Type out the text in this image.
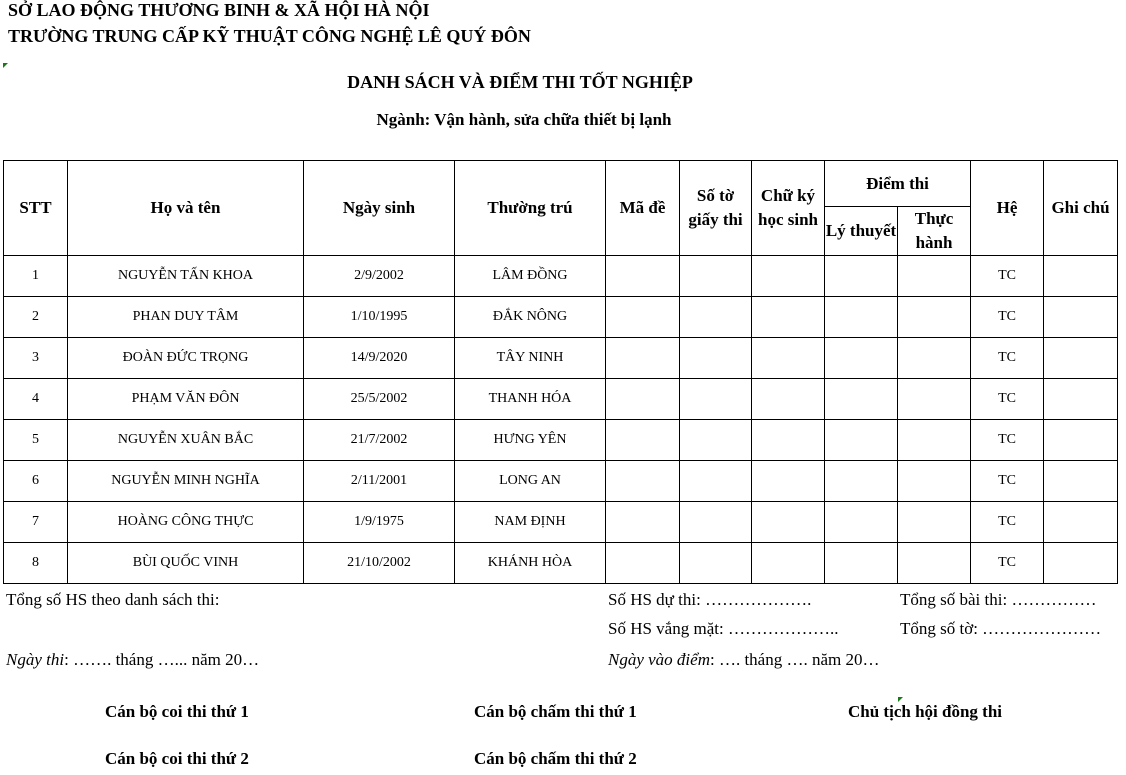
SỞ LAO ĐỘNG THƯƠNG BINH & XÃ HỘI HÀ NỘI
TRƯỜNG TRUNG CẤP KỸ THUẬT CÔNG NGHỆ LÊ QUÝ ĐÔN
DANH SÁCH VÀ ĐIỂM THI TỐT NGHIỆP
Ngành: Vận hành, sửa chữa thiết bị lạnh
STT	Họ và tên	Ngày sinh	Thường trú	Mã đề	Số tờ giấy thi	Chữ ký học sinh	Điểm thi		Hệ	Ghi chú
							Lý thuyết	Thực hành		
1	NGUYỄN TẤN KHOA	2/9/2002	LÂM ĐỒNG						TC	
2	PHAN DUY TÂM	1/10/1995	ĐẮK NÔNG						TC	
3	ĐOÀN ĐỨC TRỌNG	14/9/2020	TÂY NINH						TC	
4	PHẠM VĂN ĐÔN	25/5/2002	THANH HÓA						TC	
5	NGUYỄN XUÂN BẮC	21/7/2002	HƯNG YÊN						TC	
6	NGUYỄN MINH NGHĨA	2/11/2001	LONG AN						TC	
7	HOÀNG CÔNG THỰC	1/9/1975	NAM ĐỊNH						TC	
8	BÙI QUỐC VINH	21/10/2002	KHÁNH HÒA						TC	
Tổng số HS theo danh sách thi:	Số HS dự thi: ……………….	Tổng số bài thi: ……………
Số HS vắng mặt: ………………..	Tổng số tờ: …………………
Ngày thi: ……. tháng …... năm 20…	Ngày vào điểm: …. tháng …. năm 20…
Cán bộ coi thi thứ 1	Cán bộ chấm thi thứ 1	Chủ tịch hội đồng thi
Cán bộ coi thi thứ 2	Cán bộ chấm thi thứ 2
